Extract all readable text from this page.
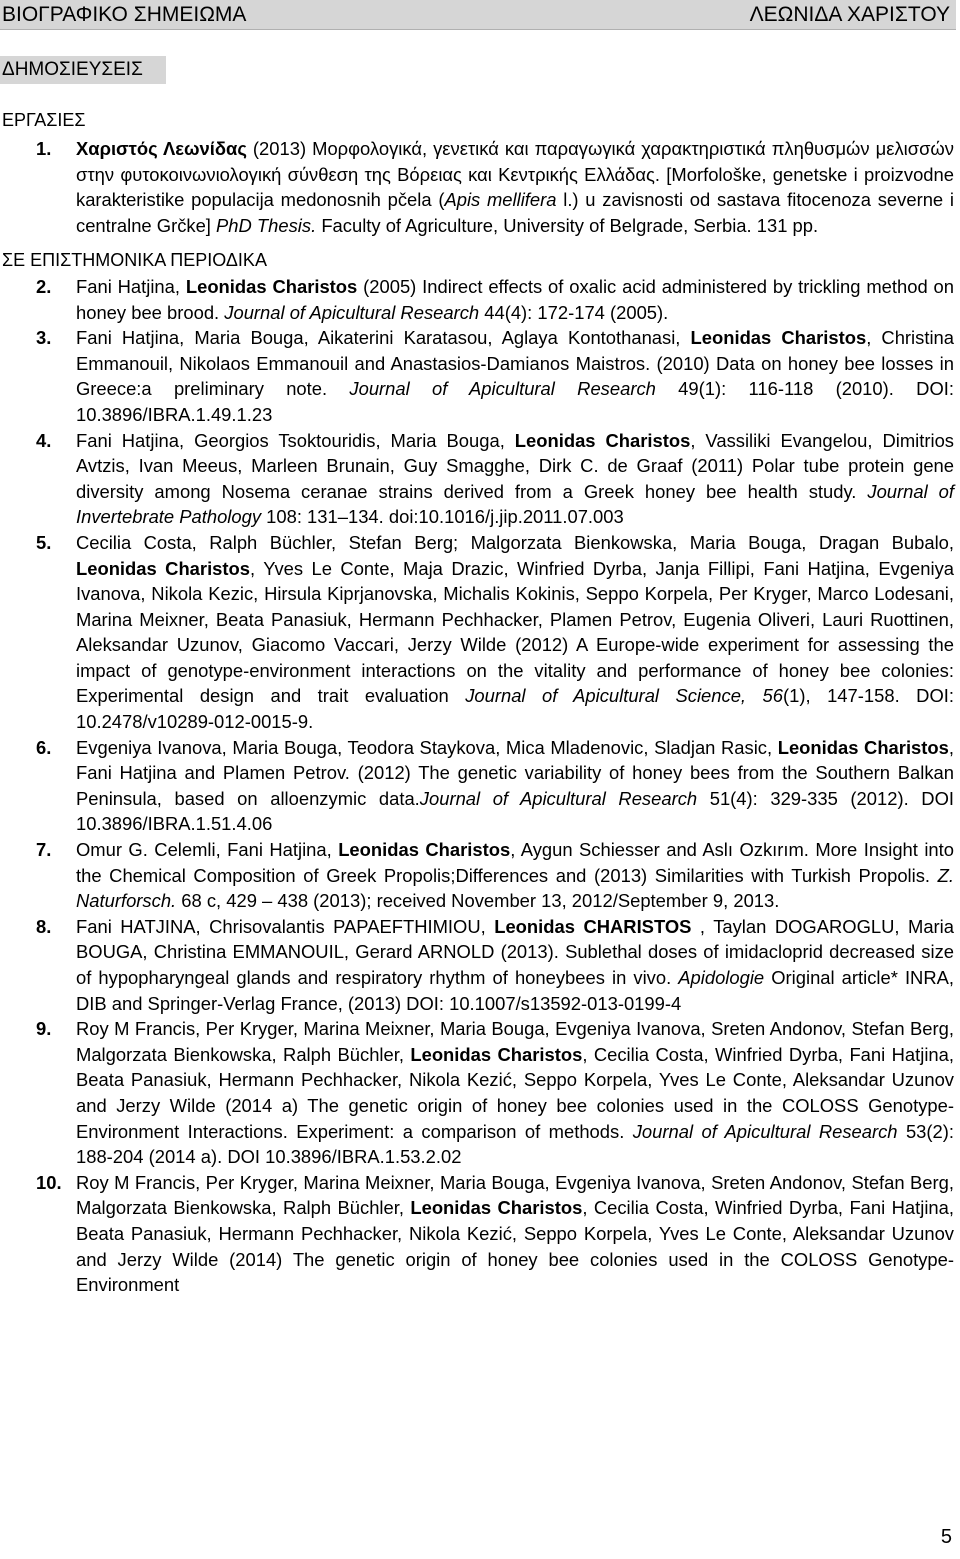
ΒΙΟΓΡΑΦΙΚΟ ΣΗΜΕΙΩΜΑ	ΛΕΩΝΙΔΑ ΧΑΡΙΣΤΟΥ
ΔΗΜΟΣΙΕΥΣΕΙΣ
ΕΡΓΑΣΙΕΣ
1.	Χαριστός Λεωνίδας (2013) Μορφολογικά, γενετικά και παραγωγικά χαρακτηριστικά πληθυσμών μελισσών στην φυτοκοινωνιολογική σύνθεση της Βόρειας και Κεντρικής Ελλάδας. [Morfološke, genetske i proizvodne karakteristike populacija medonosnih pčela (Apis mellifera l.) u zavisnosti od sastava fitocenoza severne i centralne Grčke] PhD Thesis. Faculty of Agriculture, University of Belgrade, Serbia. 131 pp.
ΣΕ ΕΠΙΣΤΗΜΟΝΙΚΑ ΠΕΡΙΟΔΙΚΑ
2.	Fani Hatjina, Leonidas Charistos (2005) Indirect effects of oxalic acid administered by trickling method on honey bee brood. Journal of Apicultural Research 44(4): 172-174 (2005).
3.	Fani Hatjina, Maria Bouga, Aikaterini Karatasou, Aglaya Kontothanasi, Leonidas Charistos, Christina Emmanouil, Nikolaos Emmanouil and Anastasios-Damianos Maistros. (2010) Data on honey bee losses in Greece:a preliminary note. Journal of Apicultural Research 49(1): 116-118 (2010). DOI: 10.3896/IBRA.1.49.1.23
4.	Fani Hatjina, Georgios Tsoktouridis, Maria Bouga, Leonidas Charistos, Vassiliki Evangelou, Dimitrios Avtzis, Ivan Meeus, Marleen Brunain, Guy Smagghe, Dirk C. de Graaf (2011) Polar tube protein gene diversity among Nosema ceranae strains derived from a Greek honey bee health study. Journal of Invertebrate Pathology 108: 131–134. doi:10.1016/j.jip.2011.07.003
5.	Cecilia Costa, Ralph Büchler, Stefan Berg; Malgorzata Bienkowska, Maria Bouga, Dragan Bubalo, Leonidas Charistos, Yves Le Conte, Maja Drazic, Winfried Dyrba, Janja Fillipi, Fani Hatjina, Evgeniya Ivanova, Nikola Kezic, Hirsula Kiprjanovska, Michalis Kokinis, Seppo Korpela, Per Kryger, Marco Lodesani, Marina Meixner, Beata Panasiuk, Hermann Pechhacker, Plamen Petrov, Eugenia Oliveri, Lauri Ruottinen, Aleksandar Uzunov, Giacomo Vaccari, Jerzy Wilde (2012) A Europe-wide experiment for assessing the impact of genotype-environment interactions on the vitality and performance of honey bee colonies: Experimental design and trait evaluation Journal of Apicultural Science, 56(1), 147-158. DOI: 10.2478/v10289-012-0015-9.
6.	Evgeniya Ivanova, Maria Bouga, Teodora Staykova, Mica Mladenovic, Sladjan Rasic, Leonidas Charistos, Fani Hatjina and Plamen Petrov. (2012) The genetic variability of honey bees from the Southern Balkan Peninsula, based on alloenzymic data.Journal of Apicultural Research 51(4): 329-335 (2012). DOI 10.3896/IBRA.1.51.4.06
7.	Omur G. Celemli, Fani Hatjina, Leonidas Charistos, Aygun Schiesser and Aslı Ozkırım. More Insight into the Chemical Composition of Greek Propolis;Differences and (2013) Similarities with Turkish Propolis. Z. Naturforsch. 68 c, 429 – 438 (2013); received November 13, 2012/September 9, 2013.
8.	Fani HATJINA, Chrisovalantis PAPAEFTHIMIOU, Leonidas CHARISTOS , Taylan DOGAROGLU, Maria BOUGA, Christina EMMANOUIL, Gerard ARNOLD (2013). Sublethal doses of imidacloprid decreased size of hypopharyngeal glands and respiratory rhythm of honeybees in vivo. Apidologie Original article* INRA, DIB and Springer-Verlag France, (2013) DOI: 10.1007/s13592-013-0199-4
9.	Roy M Francis, Per Kryger, Marina Meixner, Maria Bouga, Evgeniya Ivanova, Sreten Andonov, Stefan Berg, Malgorzata Bienkowska, Ralph Büchler, Leonidas Charistos, Cecilia Costa, Winfried Dyrba, Fani Hatjina, Beata Panasiuk, Hermann Pechhacker, Nikola Kezić, Seppo Korpela, Yves Le Conte, Aleksandar Uzunov and Jerzy Wilde (2014 a) The genetic origin of honey bee colonies used in the COLOSS Genotype-Environment Interactions. Experiment: a comparison of methods. Journal of Apicultural Research 53(2): 188-204 (2014 a). DOI 10.3896/IBRA.1.53.2.02
10. Roy M Francis, Per Kryger, Marina Meixner, Maria Bouga, Evgeniya Ivanova, Sreten Andonov, Stefan Berg, Malgorzata Bienkowska, Ralph Büchler, Leonidas Charistos, Cecilia Costa, Winfried Dyrba, Fani Hatjina, Beata Panasiuk, Hermann Pechhacker, Nikola Kezić, Seppo Korpela, Yves Le Conte, Aleksandar Uzunov and Jerzy Wilde (2014) The genetic origin of honey bee colonies used in the COLOSS Genotype-Environment
5
